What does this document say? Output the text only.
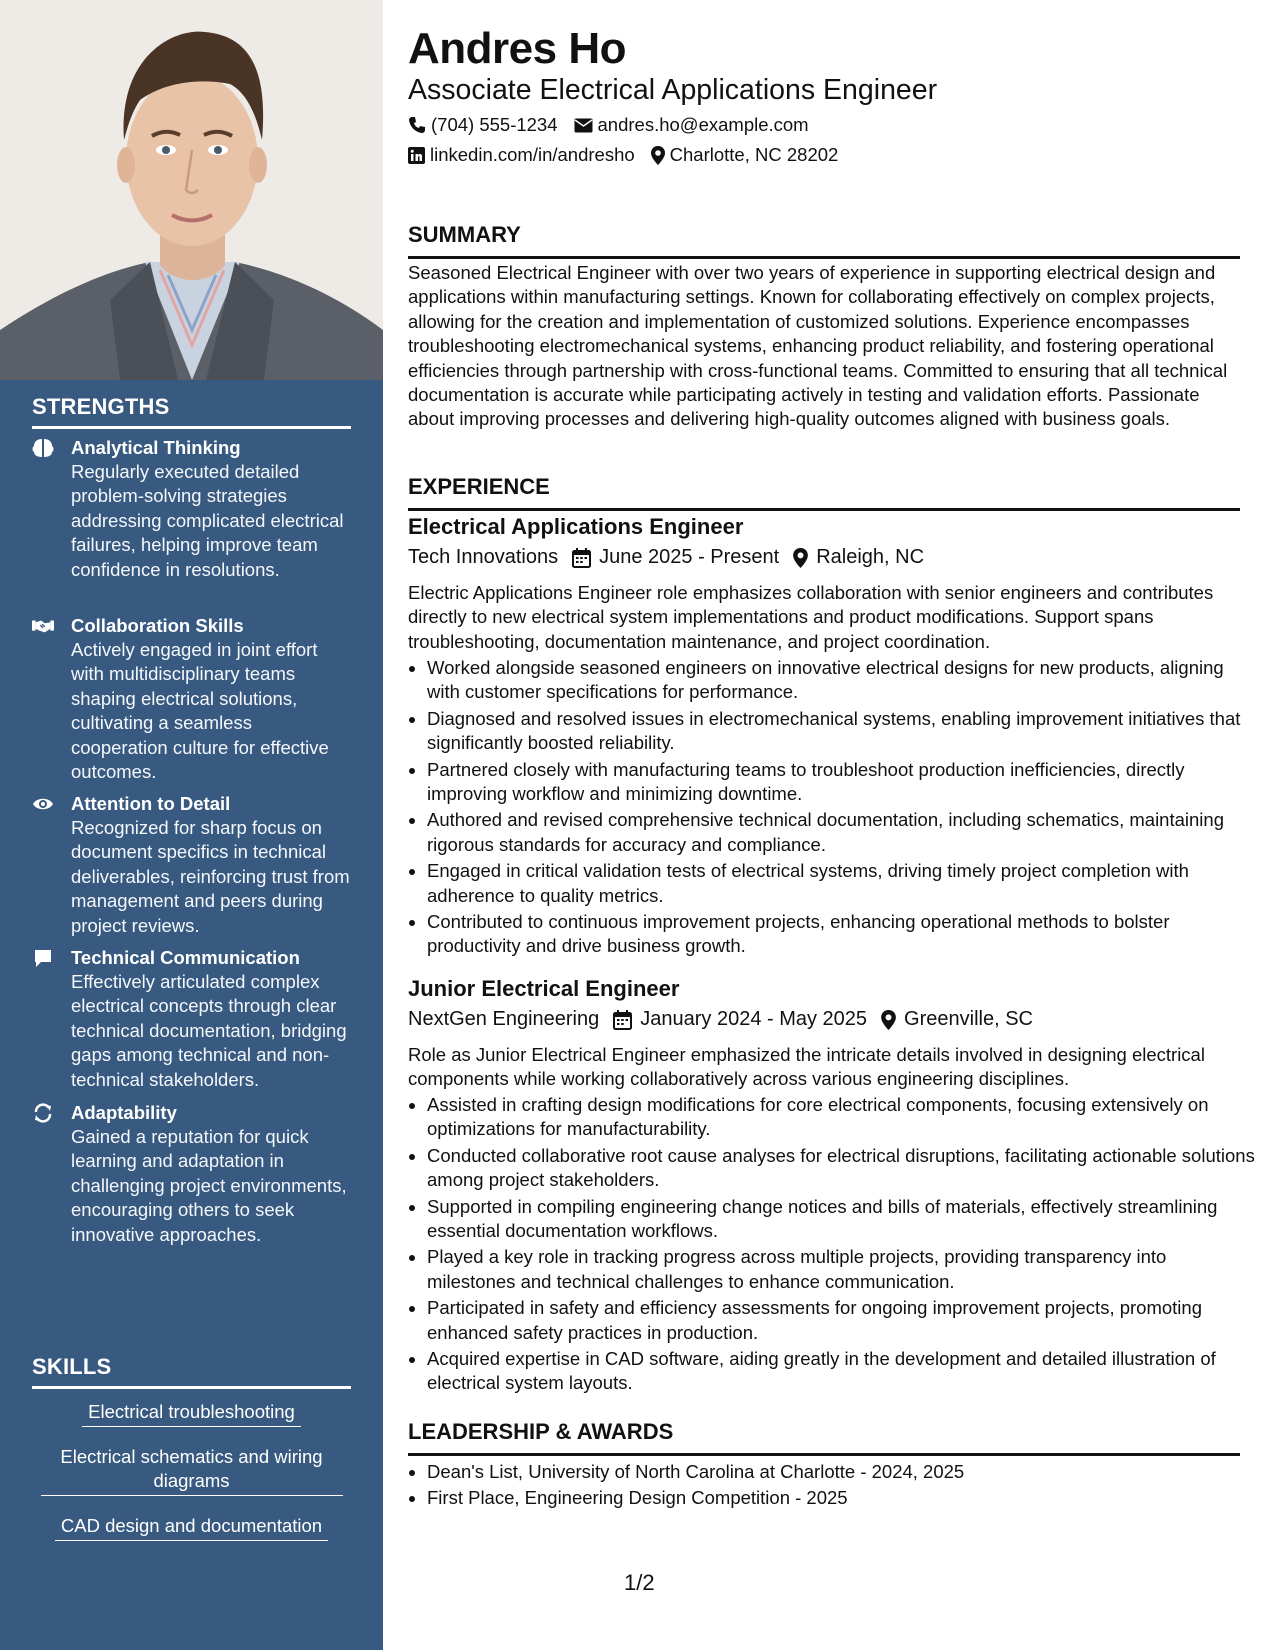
STRENGTHS
Analytical Thinking
Regularly executed detailed problem-solving strategies addressing complicated electrical failures, helping improve team confidence in resolutions.
Collaboration Skills
Actively engaged in joint effort with multidisciplinary teams shaping electrical solutions, cultivating a seamless cooperation culture for effective outcomes.
Attention to Detail
Recognized for sharp focus on document specifics in technical deliverables, reinforcing trust from management and peers during project reviews.
Technical Communication
Effectively articulated complex electrical concepts through clear technical documentation, bridging gaps among technical and non-technical stakeholders.
Adaptability
Gained a reputation for quick learning and adaptation in challenging project environments, encouraging others to seek innovative approaches.
SKILLS
Electrical troubleshooting
Electrical schematics and wiring diagrams
CAD design and documentation
Andres Ho
Associate Electrical Applications Engineer
(704) 555-1234 andres.ho@example.com
linkedin.com/in/andresho Charlotte, NC 28202
SUMMARY
Seasoned Electrical Engineer with over two years of experience in supporting electrical design and applications within manufacturing settings. Known for collaborating effectively on complex projects, allowing for the creation and implementation of customized solutions. Experience encompasses troubleshooting electromechanical systems, enhancing product reliability, and fostering operational efficiencies through partnership with cross-functional teams. Committed to ensuring that all technical documentation is accurate while participating actively in testing and validation efforts. Passionate about improving processes and delivering high-quality outcomes aligned with business goals.
EXPERIENCE
Electrical Applications Engineer
Tech Innovations June 2025 - Present Raleigh, NC
Electric Applications Engineer role emphasizes collaboration with senior engineers and contributes directly to new electrical system implementations and product modifications. Support spans troubleshooting, documentation maintenance, and project coordination.
• Worked alongside seasoned engineers on innovative electrical designs for new products, aligning with customer specifications for performance.
• Diagnosed and resolved issues in electromechanical systems, enabling improvement initiatives that significantly boosted reliability.
• Partnered closely with manufacturing teams to troubleshoot production inefficiencies, directly improving workflow and minimizing downtime.
• Authored and revised comprehensive technical documentation, including schematics, maintaining rigorous standards for accuracy and compliance.
• Engaged in critical validation tests of electrical systems, driving timely project completion with adherence to quality metrics.
• Contributed to continuous improvement projects, enhancing operational methods to bolster productivity and drive business growth.
Junior Electrical Engineer
NextGen Engineering January 2024 - May 2025 Greenville, SC
Role as Junior Electrical Engineer emphasized the intricate details involved in designing electrical components while working collaboratively across various engineering disciplines.
• Assisted in crafting design modifications for core electrical components, focusing extensively on optimizations for manufacturability.
• Conducted collaborative root cause analyses for electrical disruptions, facilitating actionable solutions among project stakeholders.
• Supported in compiling engineering change notices and bills of materials, effectively streamlining essential documentation workflows.
• Played a key role in tracking progress across multiple projects, providing transparency into milestones and technical challenges to enhance communication.
• Participated in safety and efficiency assessments for ongoing improvement projects, promoting enhanced safety practices in production.
• Acquired expertise in CAD software, aiding greatly in the development and detailed illustration of electrical system layouts.
LEADERSHIP & AWARDS
• Dean's List, University of North Carolina at Charlotte - 2024, 2025
• First Place, Engineering Design Competition - 2025
1/2
